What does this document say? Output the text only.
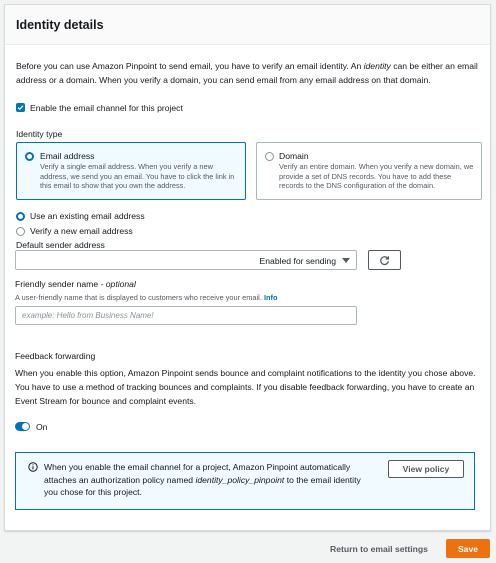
Identity details
Before you can use Amazon Pinpoint to send email, you have to verify an email identity. An identity can be either an email address or a domain. When you verify a domain, you can send email from any email address on that domain.
Enable the email channel for this project
Identity type
Email address
Verify a single email address. When you verify a new address, we send you an email. You have to click the link in this email to show that you own the address.
Domain
Verify an entire domain. When you verify a new domain, we provide a set of DNS records. You have to add these records to the DNS configuration of the domain.
Use an existing email address
Verify a new email address
Default sender address
Enabled for sending
Friendly sender name - optional
A user-friendly name that is displayed to customers who receive your email. Info
example: Hello from Business Name!
Feedback forwarding
When you enable this option, Amazon Pinpoint sends bounce and complaint notifications to the identity you chose above. You have to use a method of tracking bounces and complaints. If you disable feedback forwarding, you have to create an Event Stream for bounce and complaint events.
On
When you enable the email channel for a project, Amazon Pinpoint automatically attaches an authorization policy named identity_policy_pinpoint to the email identity you chose for this project.
View policy
Return to email settings	Save
